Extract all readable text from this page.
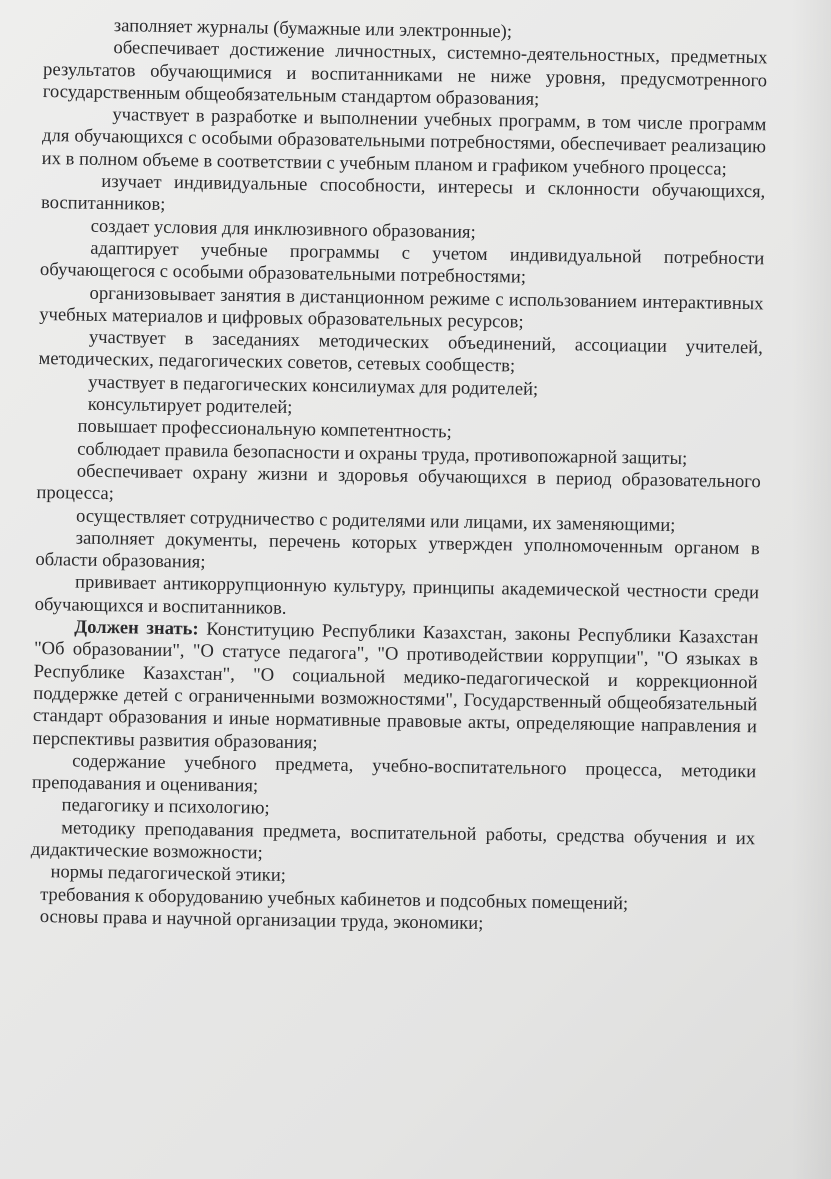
заполняет журналы (бумажные или электронные);

обеспечивает достижение личностных, системно-деятельностных, предметных результатов обучающимися и воспитанниками не ниже уровня, предусмотренного государственным общеобязательным стандартом образования;

участвует в разработке и выполнении учебных программ, в том числе программ для обучающихся с особыми образовательными потребностями, обеспечивает реализацию их в полном объеме в соответствии с учебным планом и графиком учебного процесса;

изучает индивидуальные способности, интересы и склонности обучающихся, воспитанников;

создает условия для инклюзивного образования;

адаптирует учебные программы с учетом индивидуальной потребности обучающегося с особыми образовательными потребностями;

организовывает занятия в дистанционном режиме с использованием интерактивных учебных материалов и цифровых образовательных ресурсов;

участвует в заседаниях методических объединений, ассоциации учителей, методических, педагогических советов, сетевых сообществ;

участвует в педагогических консилиумах для родителей;

консультирует родителей;

повышает профессиональную компетентность;

соблюдает правила безопасности и охраны труда, противопожарной защиты;

обеспечивает охрану жизни и здоровья обучающихся в период образовательного процесса;

осуществляет сотрудничество с родителями или лицами, их заменяющими;

заполняет документы, перечень которых утвержден уполномоченным органом в области образования;

прививает антикоррупционную культуру, принципы академической честности среди обучающихся и воспитанников.

Должен знать: Конституцию Республики Казахстан, законы Республики Казахстан "Об образовании", "О статусе педагога", "О противодействии коррупции", "О языках в Республике Казахстан", "О социальной медико-педагогической и коррекционной поддержке детей с ограниченными возможностями", Государственный общеобязательный стандарт образования и иные нормативные правовые акты, определяющие направления и перспективы развития образования;

содержание учебного предмета, учебно-воспитательного процесса, методики преподавания и оценивания;

педагогику и психологию;

методику преподавания предмета, воспитательной работы, средства обучения и их дидактические возможности;

нормы педагогической этики;

требования к оборудованию учебных кабинетов и подсобных помещений;

основы права и научной организации труда, экономики;
